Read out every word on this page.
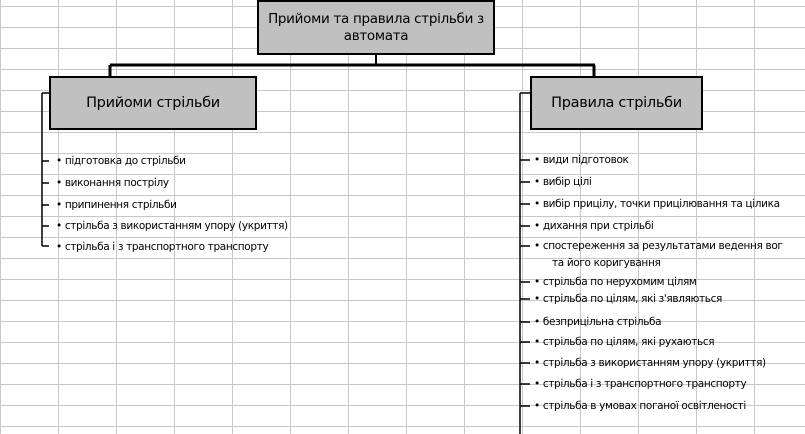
Прийоми та правила стрільби з
автомата
Прийоми стрільби	Правила стрільби
• підготовка до стрільби
• виконання пострілу
• припинення стрільби
• стрільба з використанням упору (укриття)
• стрільба і з транспортного транспорту
• види підготовок
• вибір цілі
• вибір прицілу, точки прицілювання та цілика
• дихання при стрільбі
• спостереження за результатами ведення вог
та його коригування
• стрільба по нерухомим цілям
• стрільба по цілям, які з'являються
• безприцільна стрільба
• стрільба по цілям, які рухаються
• стрільба з використанням упору (укриття)
• стрільба і з транспортного транспорту
• стрільба в умовах поганої освітленості
